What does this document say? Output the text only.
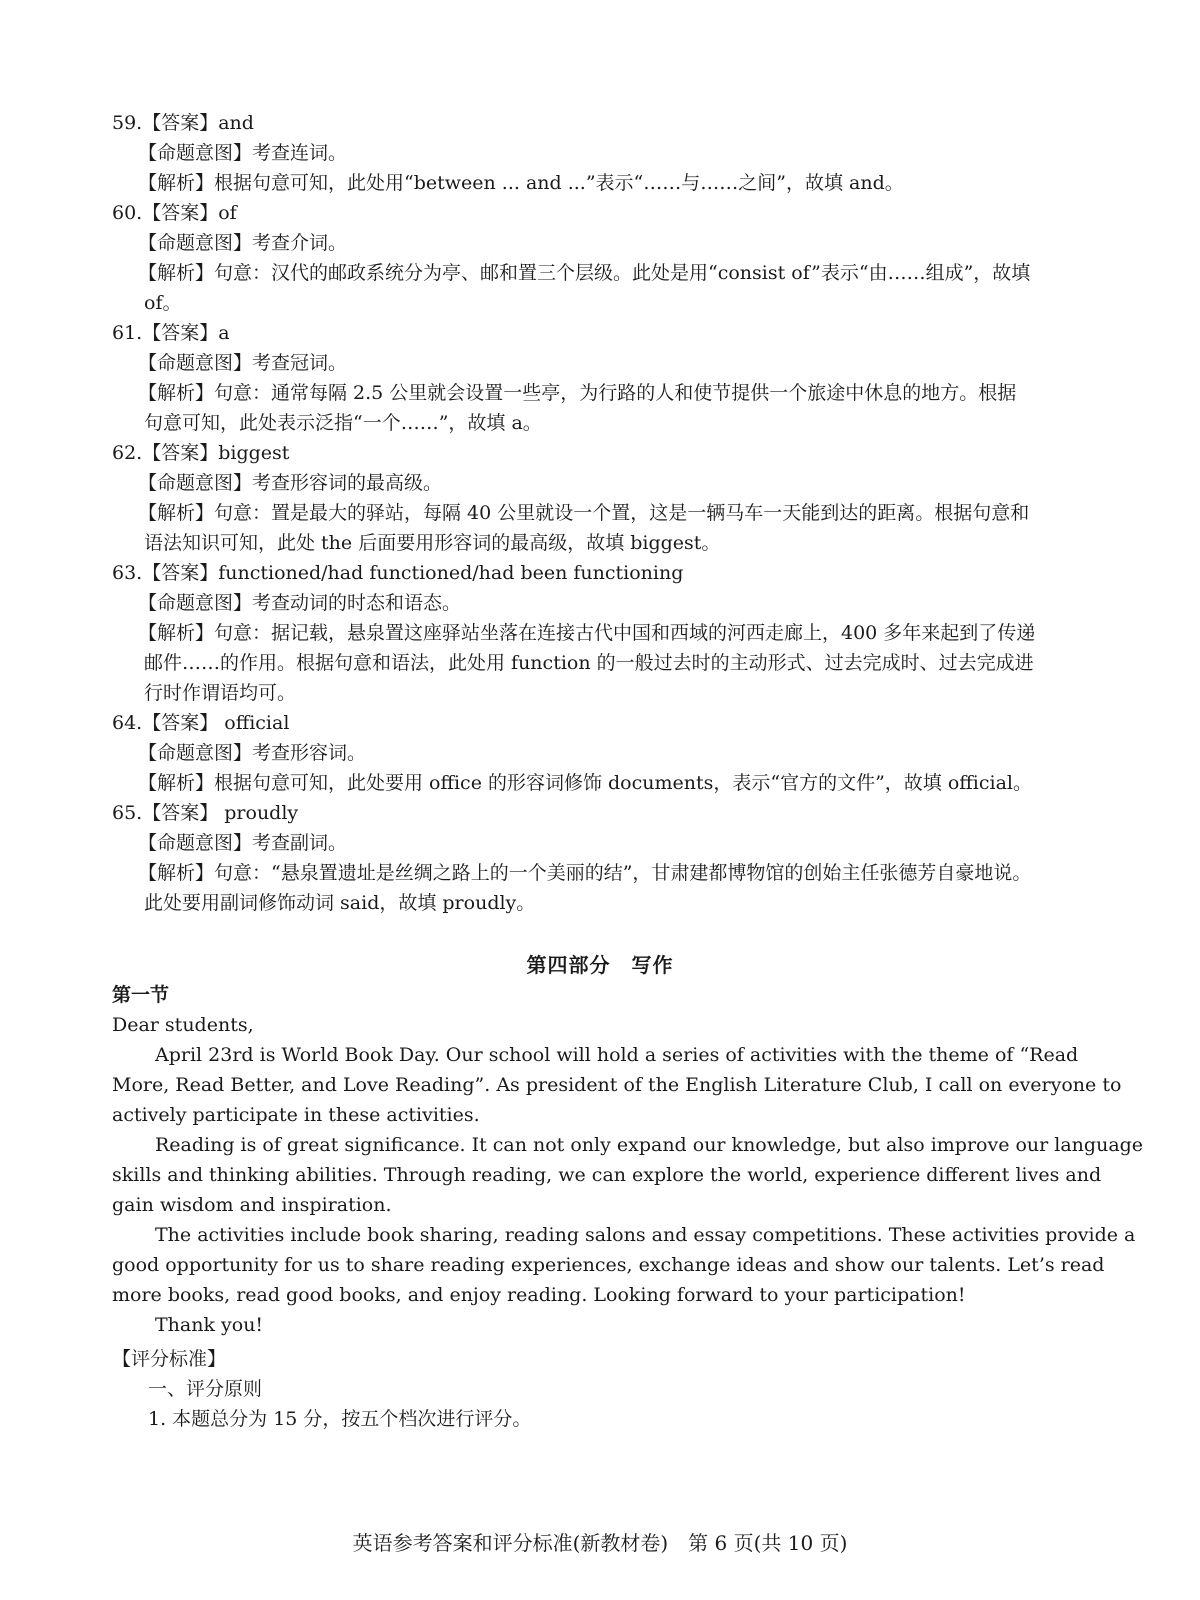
59.【答案】and
【命题意图】考查连词。
【解析】根据句意可知，此处用“between ... and ...”表示“……与……之间”，故填 and。
60.【答案】of
【命题意图】考查介词。
【解析】句意：汉代的邮政系统分为亭、邮和置三个层级。此处是用“consist of”表示“由……组成”，故填
of。
61.【答案】a
【命题意图】考查冠词。
【解析】句意：通常每隔 2.5 公里就会设置一些亭，为行路的人和使节提供一个旅途中休息的地方。根据
句意可知，此处表示泛指“一个……”，故填 a。
62.【答案】biggest
【命题意图】考查形容词的最高级。
【解析】句意：置是最大的驿站，每隔 40 公里就设一个置，这是一辆马车一天能到达的距离。根据句意和
语法知识可知，此处 the 后面要用形容词的最高级，故填 biggest。
63.【答案】functioned/had functioned/had been functioning
【命题意图】考查动词的时态和语态。
【解析】句意：据记载，悬泉置这座驿站坐落在连接古代中国和西域的河西走廊上，400 多年来起到了传递
邮件……的作用。根据句意和语法，此处用 function 的一般过去时的主动形式、过去完成时、过去完成进
行时作谓语均可。
64.【答案】 official
【命题意图】考查形容词。
【解析】根据句意可知，此处要用 office 的形容词修饰 documents，表示“官方的文件”，故填 official。
65.【答案】 proudly
【命题意图】考查副词。
【解析】句意：“悬泉置遗址是丝绸之路上的一个美丽的结”，甘肃建都博物馆的创始主任张德芳自豪地说。
此处要用副词修饰动词 said，故填 proudly。
第四部分　写作
第一节
Dear students,
April 23rd is World Book Day. Our school will hold a series of activities with the theme of “Read
More, Read Better, and Love Reading”. As president of the English Literature Club, I call on everyone to
actively participate in these activities.
Reading is of great significance. It can not only expand our knowledge, but also improve our language
skills and thinking abilities. Through reading, we can explore the world, experience different lives and
gain wisdom and inspiration.
The activities include book sharing, reading salons and essay competitions. These activities provide a
good opportunity for us to share reading experiences, exchange ideas and show our talents. Let’s read
more books, read good books, and enjoy reading. Looking forward to your participation!
Thank you!
【评分标准】
一、评分原则
1. 本题总分为 15 分，按五个档次进行评分。
英语参考答案和评分标准(新教材卷)　第 6 页(共 10 页)
